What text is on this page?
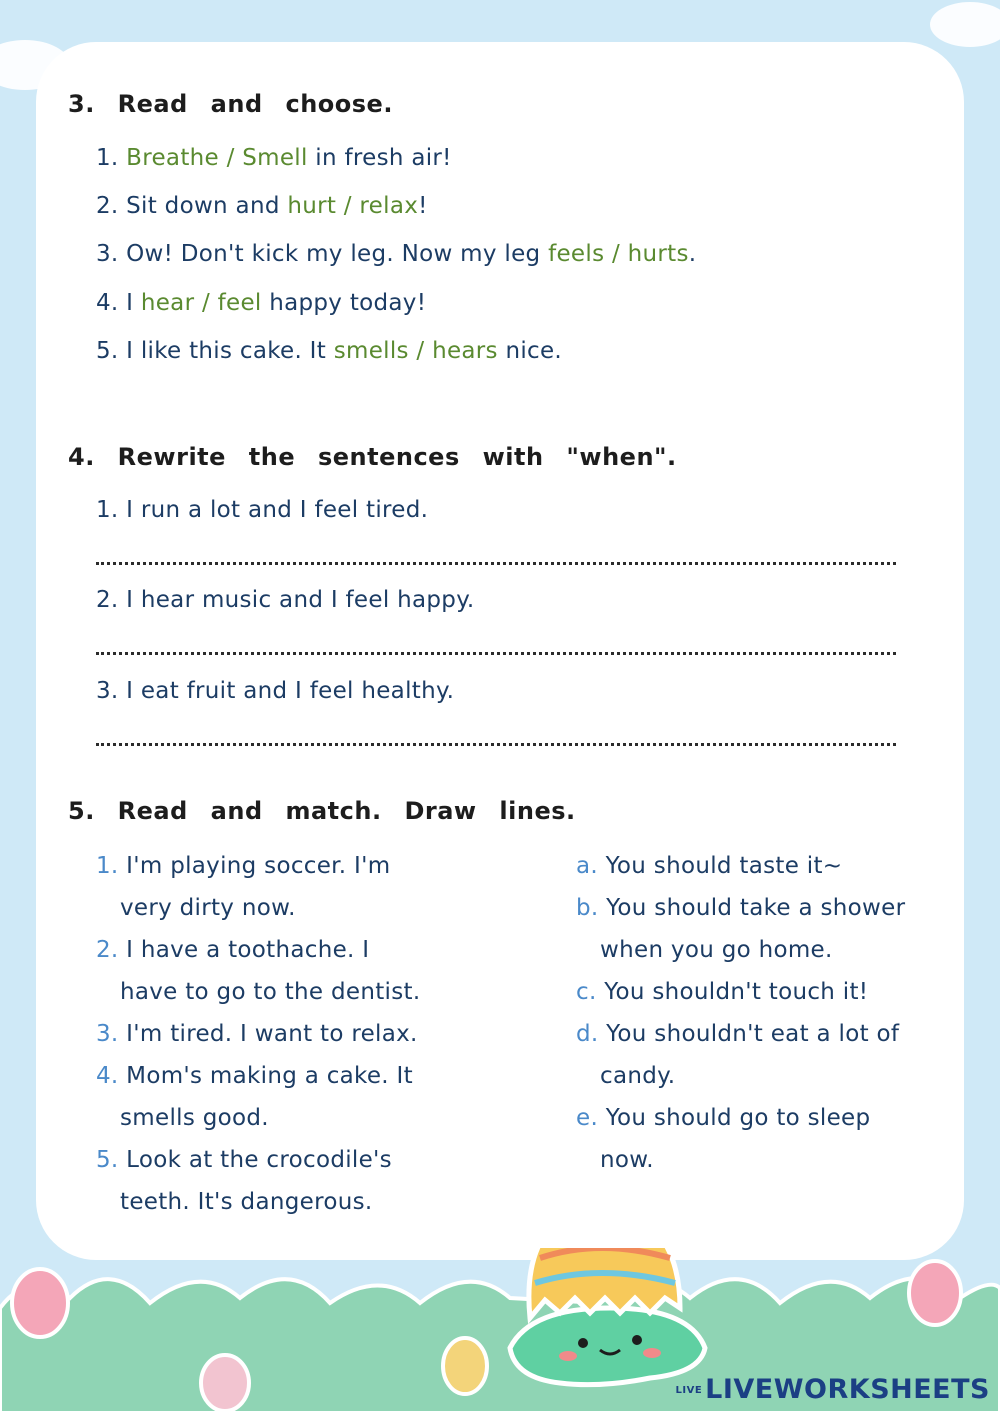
3. Read and choose.
1. Breathe / Smell in fresh air!
2. Sit down and hurt / relax!
3. Ow! Don't kick my leg. Now my leg feels / hurts.
4. I hear / feel happy today!
5. I like this cake. It smells / hears nice.
4. Rewrite the sentences with "when".
1. I run a lot and I feel tired.
2. I hear music and I feel happy.
3. I eat fruit and I feel healthy.
5. Read and match. Draw lines.
1. I'm playing soccer. I'm
very dirty now.
2. I have a toothache. I
have to go to the dentist.
3. I'm tired. I want to relax.
4. Mom's making a cake. It
smells good.
5. Look at the crocodile's
teeth. It's dangerous.
a. You should taste it~
b. You should take a shower
when you go home.
c. You shouldn't touch it!
d. You shouldn't eat a lot of
candy.
e. You should go to sleep
now.
LIVE LIVEWORKSHEETS
